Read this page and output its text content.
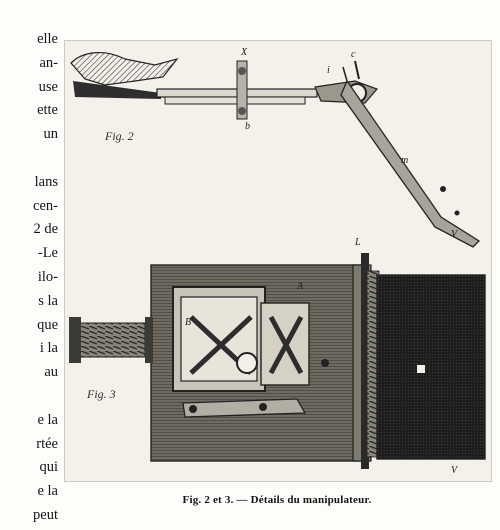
elle
an-
use
ette
un

lans
cen-
2 de
-Le
ilo-
s la
que
i la
au

e la
rtée
qui
e la
peut
Fig. 2
Fig. 3
X
b
i
c
m
V
L
A
B'
B'
J
V
Fig. 2 et 3. — Détails du manipulateur.
